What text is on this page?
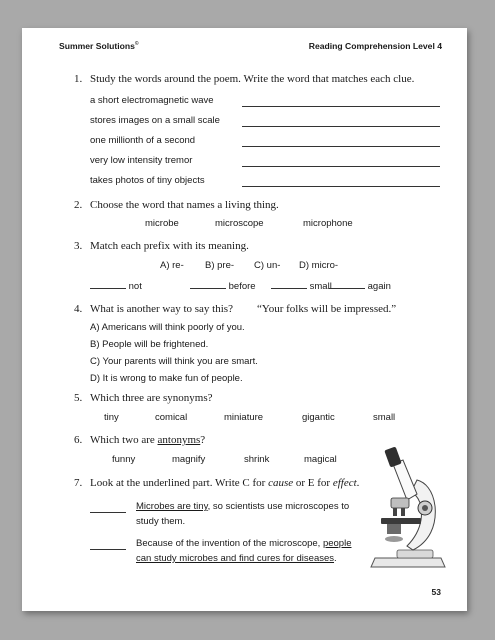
Summer Solutions©	Reading Comprehension Level 4
1. Study the words around the poem. Write the word that matches each clue.
a short electromagnetic wave
stores images on a small scale
one millionth of a second
very low intensity tremor
takes photos of tiny objects
2. Choose the word that names a living thing.
microbe	microscope	microphone
3. Match each prefix with its meaning.
A) re- B) pre- C) un- D) micro-
not	before	small	again
4. What is another way to say this? “Your folks will be impressed.”
A) Americans will think poorly of you.
B) People will be frightened.
C) Your parents will think you are smart.
D) It is wrong to make fun of people.
5. Which three are synonyms?
tiny	comical	miniature	gigantic	small
6. Which two are antonyms?
funny	magnify	shrink	magical
7. Look at the underlined part. Write C for cause or E for effect.
Microbes are tiny, so scientists use microscopes to
study them.
Because of the invention of the microscope, people
can study microbes and find cures for diseases.
53
